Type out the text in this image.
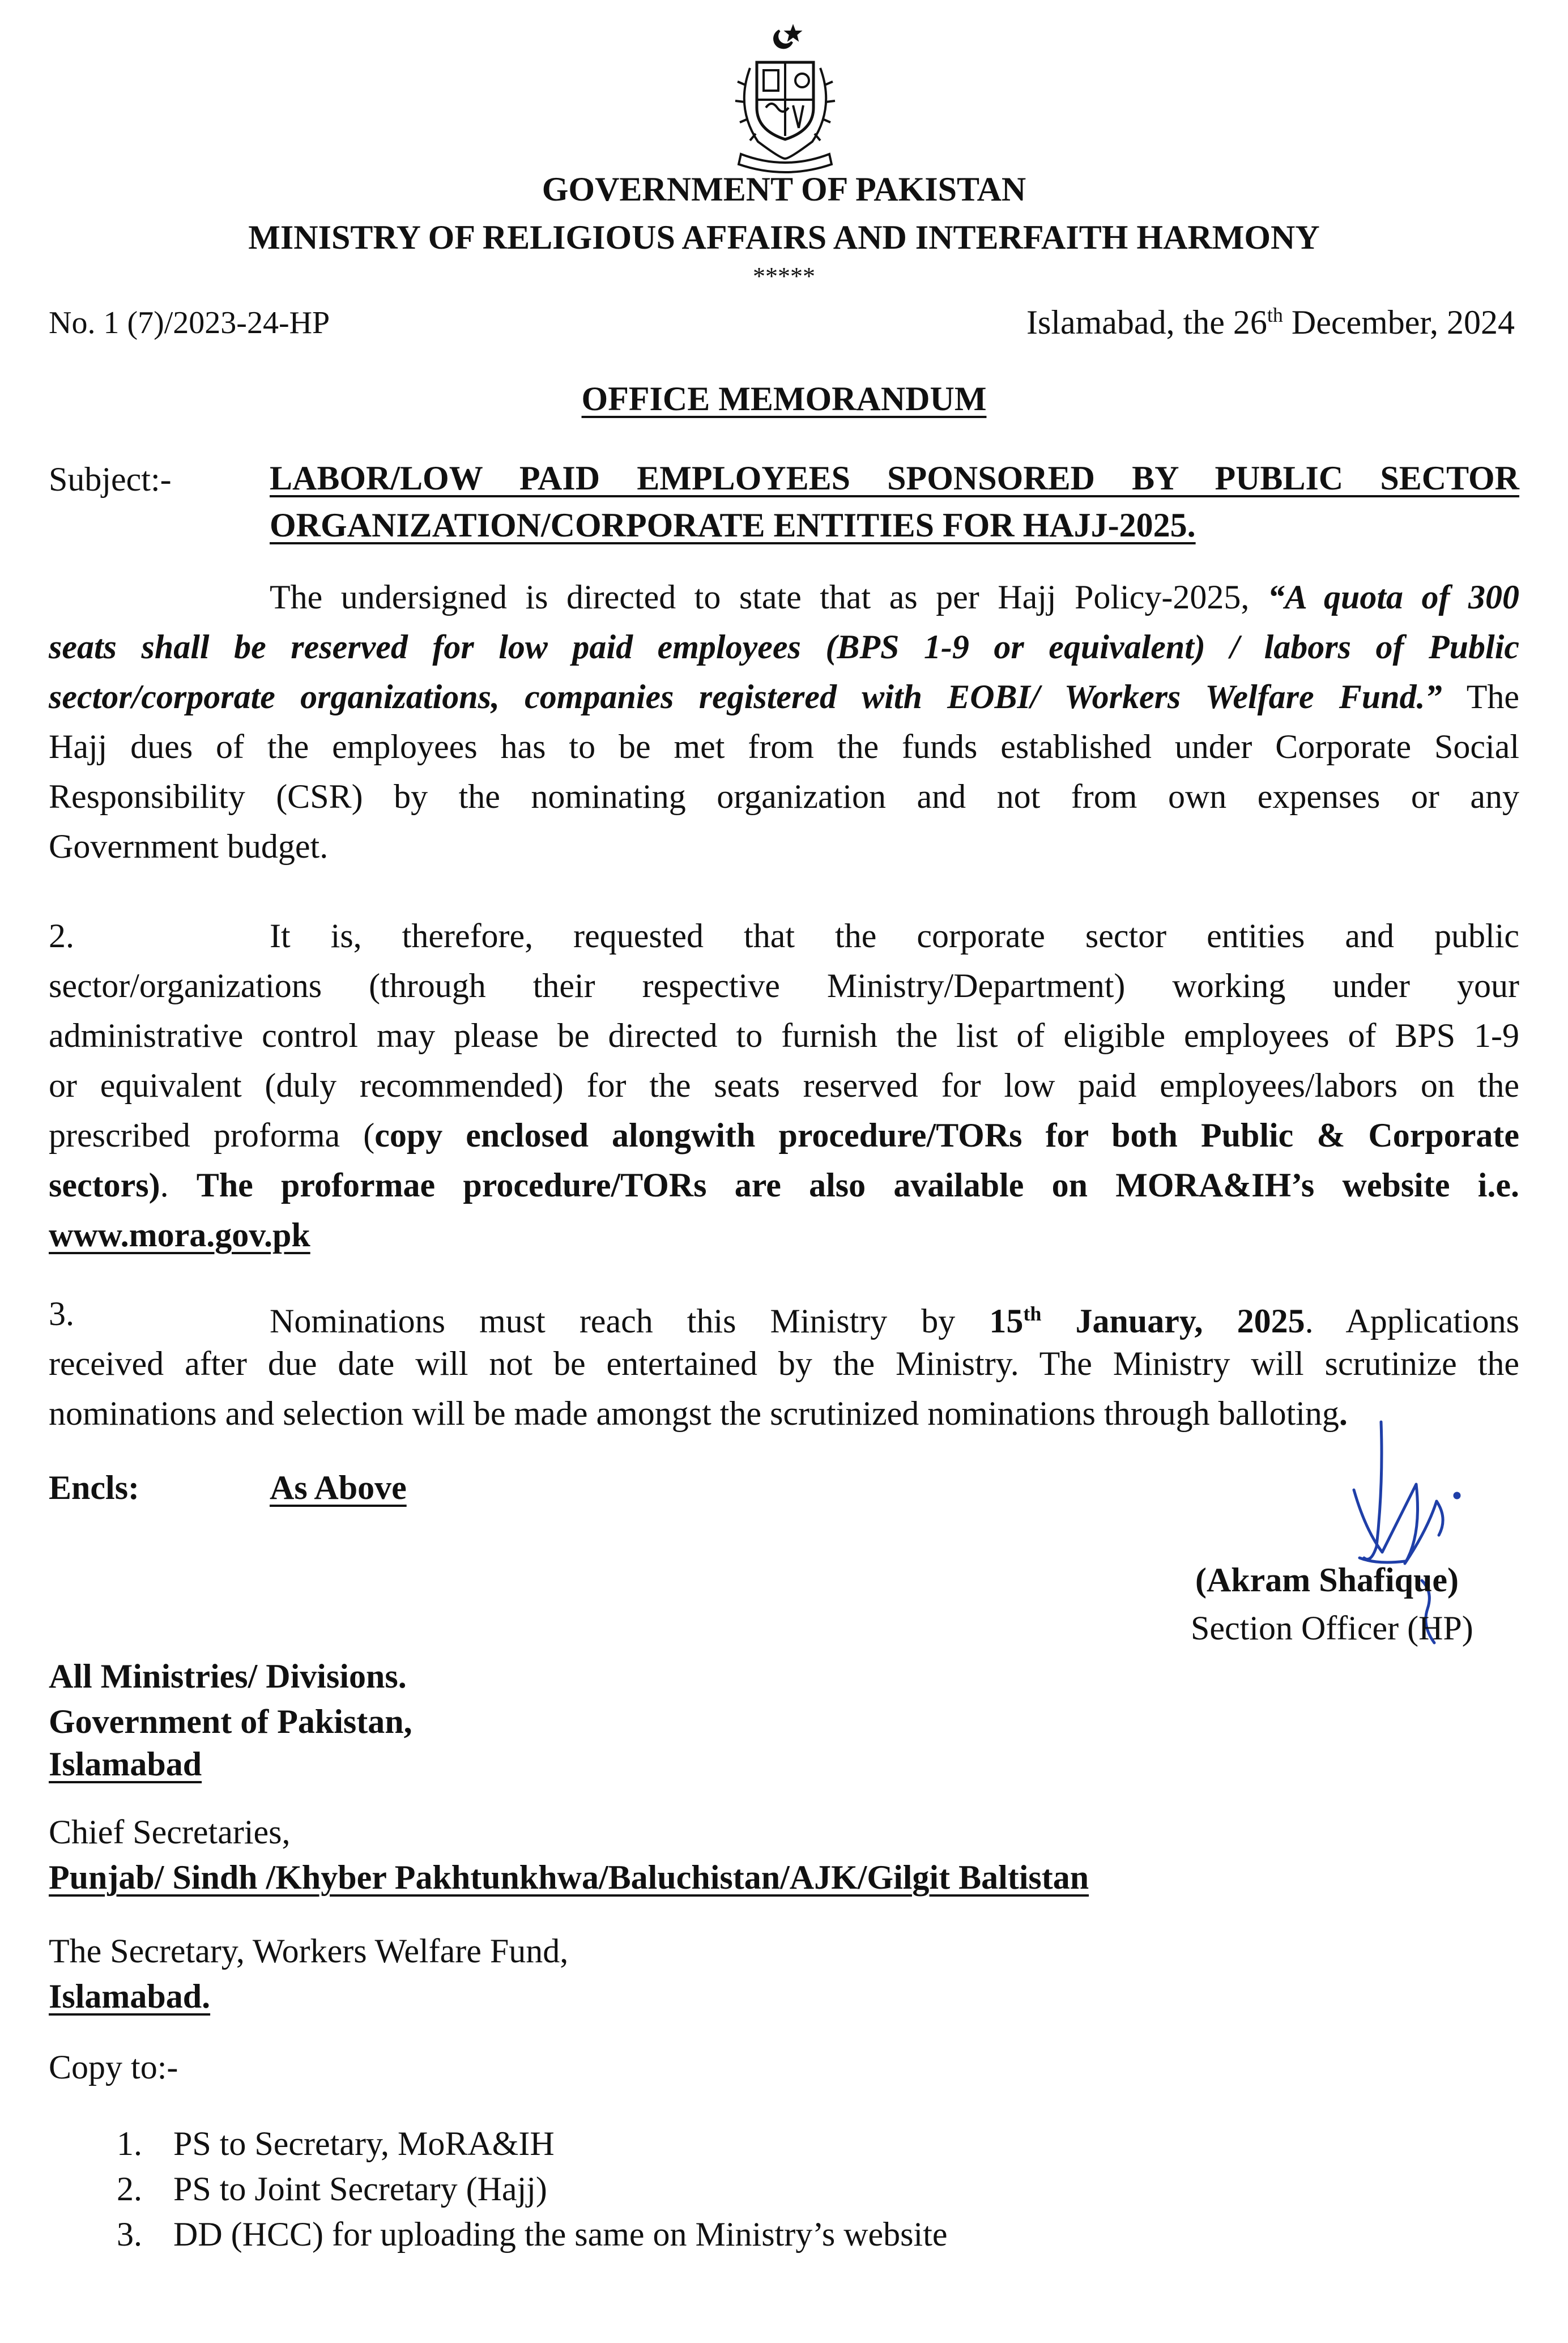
GOVERNMENT OF PAKISTAN
MINISTRY OF RELIGIOUS AFFAIRS AND INTERFAITH HARMONY
*****
No. 1 (7)/2023-24-HP	Islamabad, the 26th December, 2024
OFFICE MEMORANDUM
Subject:-	LABOR/LOW PAID EMPLOYEES SPONSORED BY PUBLIC SECTOR
ORGANIZATION/CORPORATE ENTITIES FOR HAJJ-2025.
The undersigned is directed to state that as per Hajj Policy-2025, “A quota of 300
seats shall be reserved for low paid employees (BPS 1-9 or equivalent) / labors of Public
sector/corporate organizations, companies registered with EOBI/ Workers Welfare Fund.” The
Hajj dues of the employees has to be met from the funds established under Corporate Social
Responsibility (CSR) by the nominating organization and not from own expenses or any
Government budget.
2.	It is, therefore, requested that the corporate sector entities and public
sector/organizations (through their respective Ministry/Department) working under your
administrative control may please be directed to furnish the list of eligible employees of BPS 1-9
or equivalent (duly recommended) for the seats reserved for low paid employees/labors on the
prescribed proforma (copy enclosed alongwith procedure/TORs for both Public & Corporate
sectors). The proformae procedure/TORs are also available on MORA&IH’s website i.e.
www.mora.gov.pk
3.	Nominations must reach this Ministry by 15th January, 2025. Applications
received after due date will not be entertained by the Ministry. The Ministry will scrutinize the
nominations and selection will be made amongst the scrutinized nominations through balloting.
Encls:	As Above
(Akram Shafique)
Section Officer (HP)
All Ministries/ Divisions.
Government of Pakistan,
Islamabad
Chief Secretaries,
Punjab/ Sindh /Khyber Pakhtunkhwa/Baluchistan/AJK/Gilgit Baltistan
The Secretary, Workers Welfare Fund,
Islamabad.
Copy to:-
1. PS to Secretary, MoRA&IH
2. PS to Joint Secretary (Hajj)
3. DD (HCC) for uploading the same on Ministry’s website
